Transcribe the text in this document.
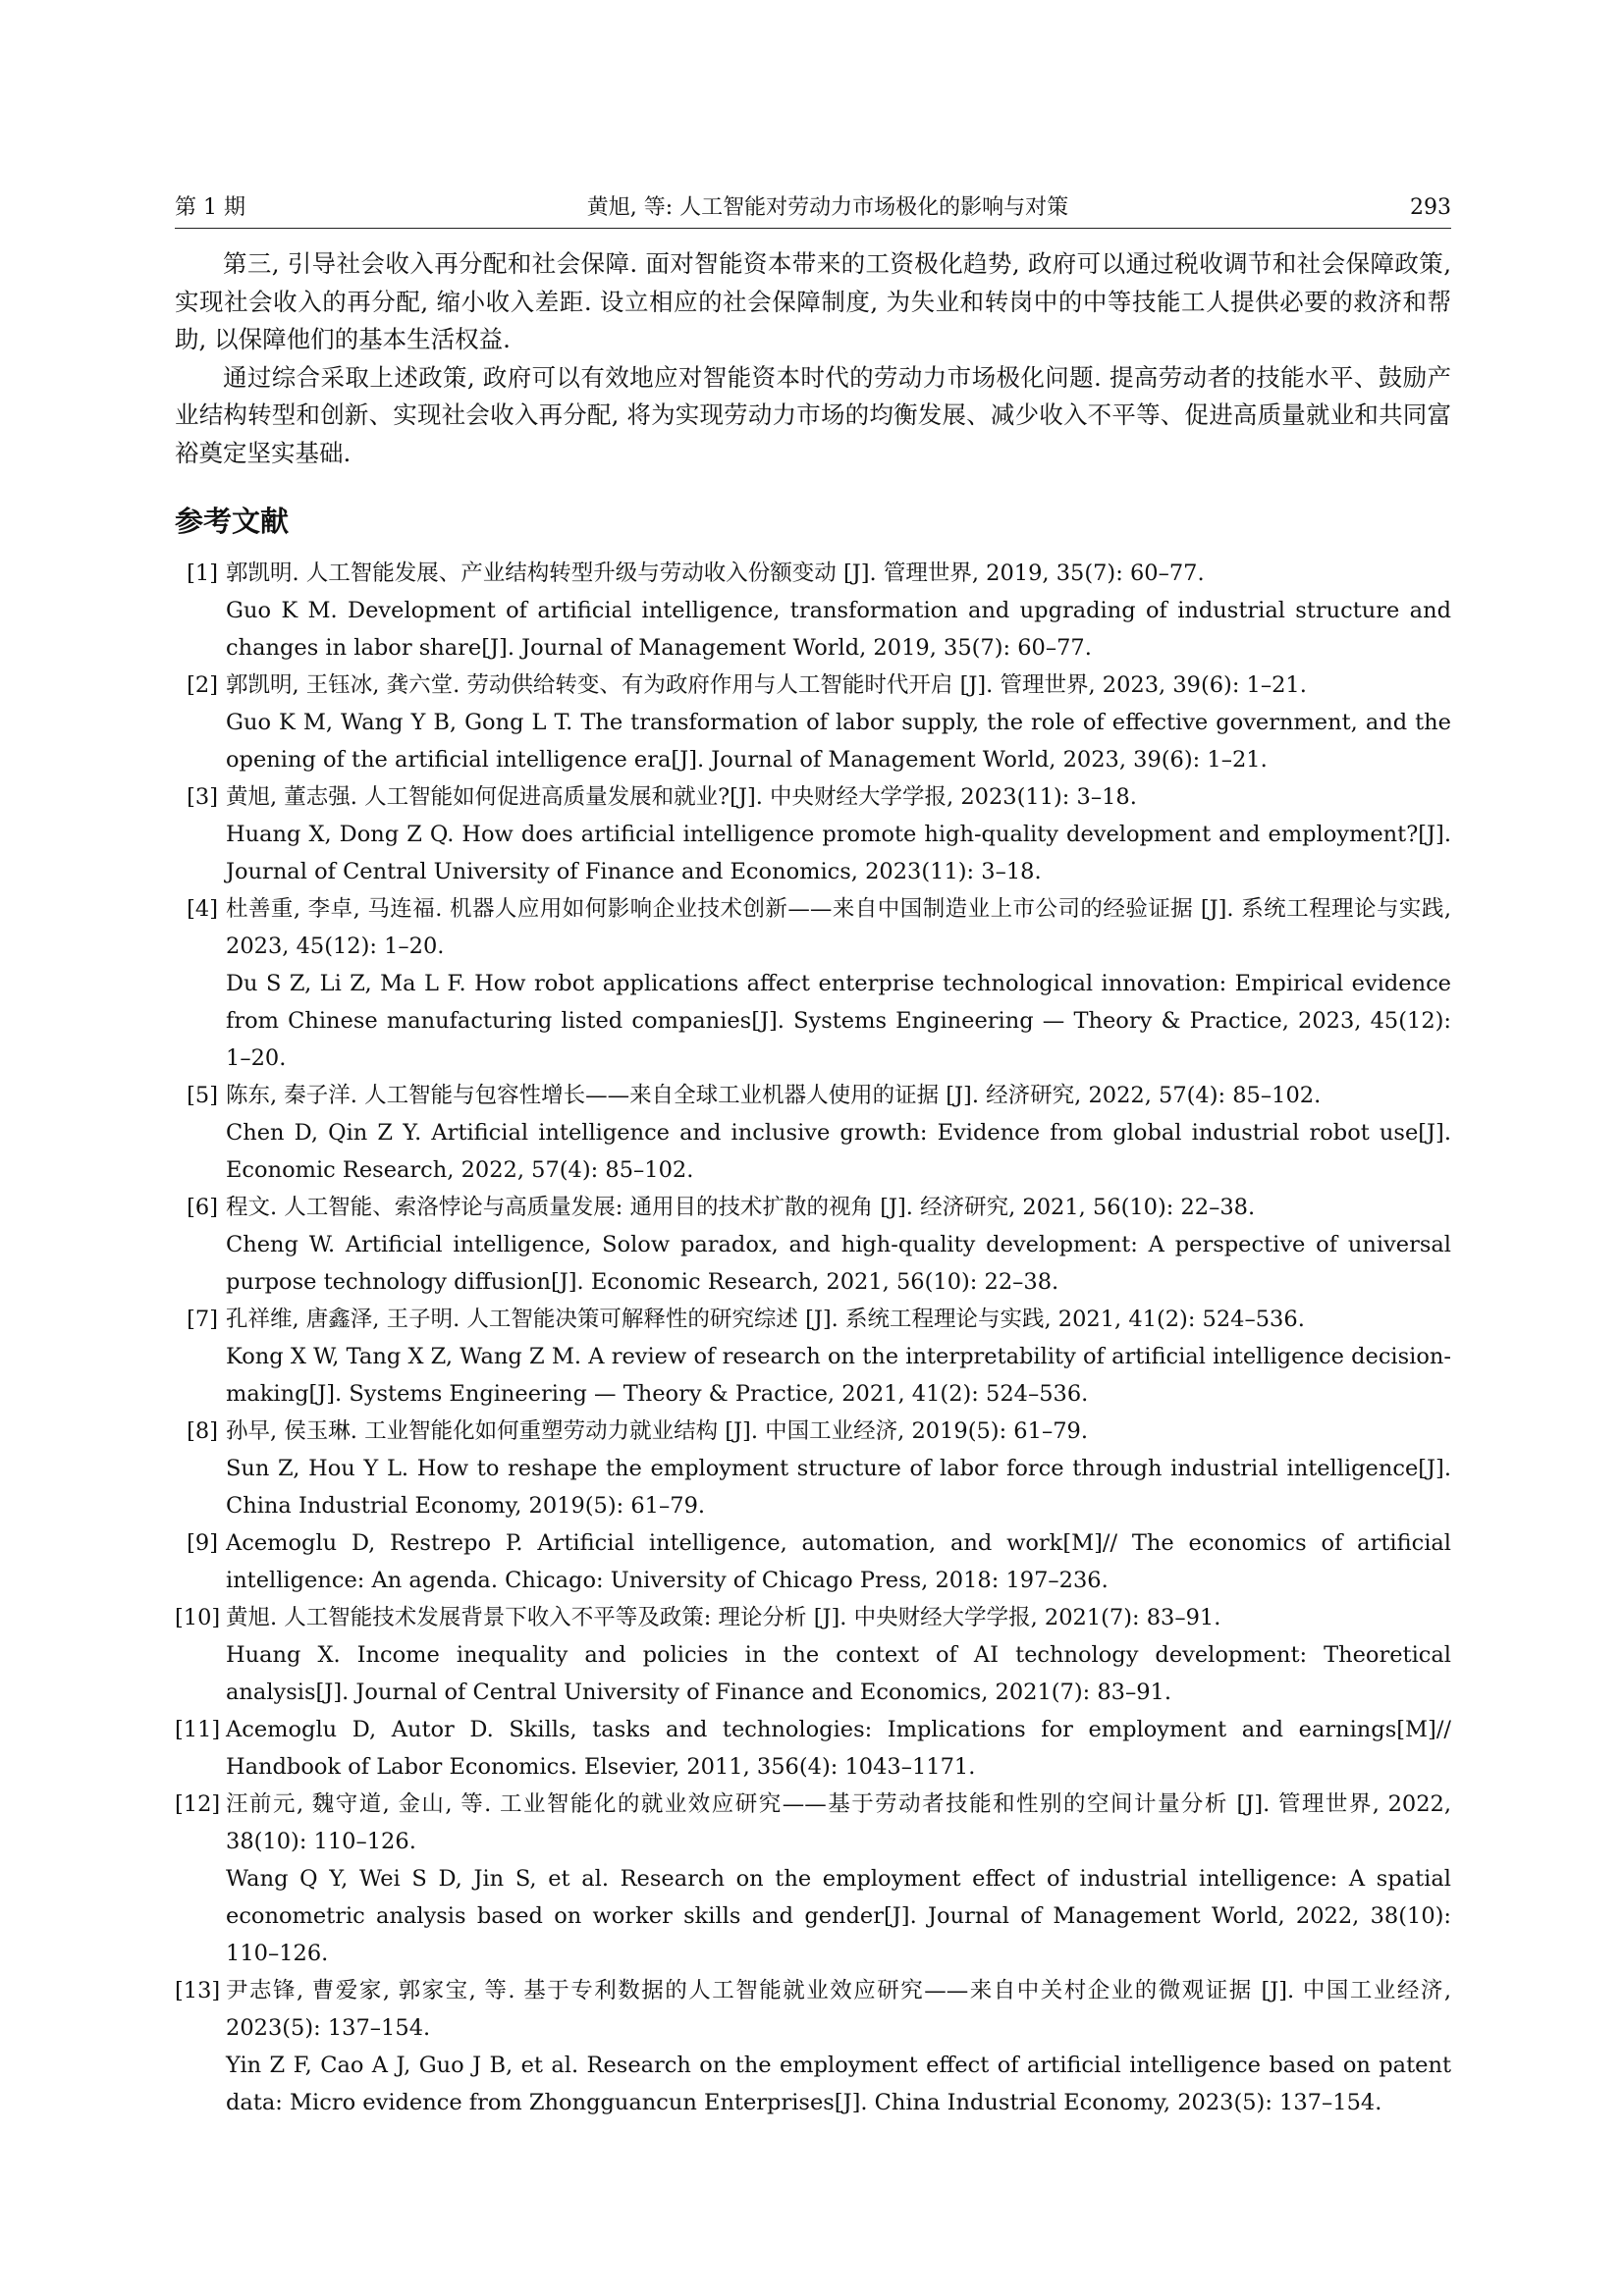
第 1 期	黄旭, 等: 人工智能对劳动力市场极化的影响与对策	293

第三, 引导社会收入再分配和社会保障. 面对智能资本带来的工资极化趋势, 政府可以通过税收调节和社会保障政策, 实现社会收入的再分配, 缩小收入差距. 设立相应的社会保障制度, 为失业和转岗中的中等技能工人提供必要的救济和帮助, 以保障他们的基本生活权益.

通过综合采取上述政策, 政府可以有效地应对智能资本时代的劳动力市场极化问题. 提高劳动者的技能水平、鼓励产业结构转型和创新、实现社会收入再分配, 将为实现劳动力市场的均衡发展、减少收入不平等、促进高质量就业和共同富裕奠定坚实基础.

参考文献
[1] 郭凯明. 人工智能发展、产业结构转型升级与劳动收入份额变动 [J]. 管理世界, 2019, 35(7): 60–77.
Guo K M. Development of artificial intelligence, transformation and upgrading of industrial structure and changes in labor share[J]. Journal of Management World, 2019, 35(7): 60–77.
[2] 郭凯明, 王钰冰, 龚六堂. 劳动供给转变、有为政府作用与人工智能时代开启 [J]. 管理世界, 2023, 39(6): 1–21.
Guo K M, Wang Y B, Gong L T. The transformation of labor supply, the role of effective government, and the opening of the artificial intelligence era[J]. Journal of Management World, 2023, 39(6): 1–21.
[3] 黄旭, 董志强. 人工智能如何促进高质量发展和就业?[J]. 中央财经大学学报, 2023(11): 3–18.
Huang X, Dong Z Q. How does artificial intelligence promote high-quality development and employment?[J]. Journal of Central University of Finance and Economics, 2023(11): 3–18.
[4] 杜善重, 李卓, 马连福. 机器人应用如何影响企业技术创新——来自中国制造业上市公司的经验证据 [J]. 系统工程理论与实践, 2023, 45(12): 1–20.
Du S Z, Li Z, Ma L F. How robot applications affect enterprise technological innovation: Empirical evidence from Chinese manufacturing listed companies[J]. Systems Engineering — Theory & Practice, 2023, 45(12): 1–20.
[5] 陈东, 秦子洋. 人工智能与包容性增长——来自全球工业机器人使用的证据 [J]. 经济研究, 2022, 57(4): 85–102.
Chen D, Qin Z Y. Artificial intelligence and inclusive growth: Evidence from global industrial robot use[J]. Economic Research, 2022, 57(4): 85–102.
[6] 程文. 人工智能、索洛悖论与高质量发展: 通用目的技术扩散的视角 [J]. 经济研究, 2021, 56(10): 22–38.
Cheng W. Artificial intelligence, Solow paradox, and high-quality development: A perspective of universal purpose technology diffusion[J]. Economic Research, 2021, 56(10): 22–38.
[7] 孔祥维, 唐鑫泽, 王子明. 人工智能决策可解释性的研究综述 [J]. 系统工程理论与实践, 2021, 41(2): 524–536.
Kong X W, Tang X Z, Wang Z M. A review of research on the interpretability of artificial intelligence decision-making[J]. Systems Engineering — Theory & Practice, 2021, 41(2): 524–536.
[8] 孙早, 侯玉琳. 工业智能化如何重塑劳动力就业结构 [J]. 中国工业经济, 2019(5): 61–79.
Sun Z, Hou Y L. How to reshape the employment structure of labor force through industrial intelligence[J]. China Industrial Economy, 2019(5): 61–79.
[9] Acemoglu D, Restrepo P. Artificial intelligence, automation, and work[M]// The economics of artificial intelligence: An agenda. Chicago: University of Chicago Press, 2018: 197–236.
[10] 黄旭. 人工智能技术发展背景下收入不平等及政策: 理论分析 [J]. 中央财经大学学报, 2021(7): 83–91.
Huang X. Income inequality and policies in the context of AI technology development: Theoretical analysis[J]. Journal of Central University of Finance and Economics, 2021(7): 83–91.
[11] Acemoglu D, Autor D. Skills, tasks and technologies: Implications for employment and earnings[M]// Handbook of Labor Economics. Elsevier, 2011, 356(4): 1043–1171.
[12] 汪前元, 魏守道, 金山, 等. 工业智能化的就业效应研究——基于劳动者技能和性别的空间计量分析 [J]. 管理世界, 2022, 38(10): 110–126.
Wang Q Y, Wei S D, Jin S, et al. Research on the employment effect of industrial intelligence: A spatial econometric analysis based on worker skills and gender[J]. Journal of Management World, 2022, 38(10): 110–126.
[13] 尹志锋, 曹爱家, 郭家宝, 等. 基于专利数据的人工智能就业效应研究——来自中关村企业的微观证据 [J]. 中国工业经济, 2023(5): 137–154.
Yin Z F, Cao A J, Guo J B, et al. Research on the employment effect of artificial intelligence based on patent data: Micro evidence from Zhongguancun Enterprises[J]. China Industrial Economy, 2023(5): 137–154.
